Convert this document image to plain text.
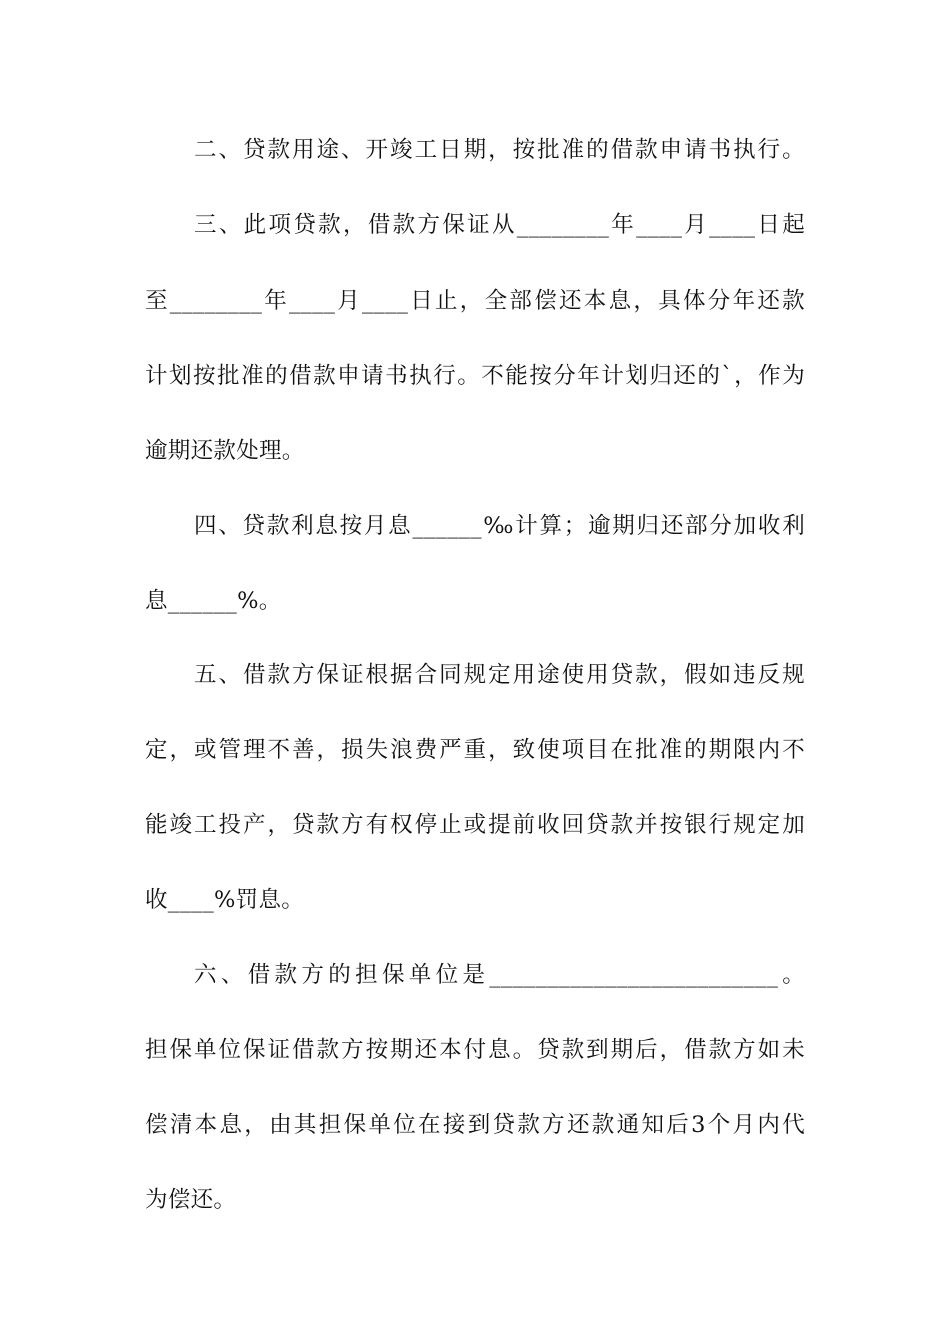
二、贷款用途、开竣工日期，按批准的借款申请书执行。
三、此项贷款，借款方保证从________年____月____日起
至________年____月____日止，全部偿还本息，具体分年还款
计划按批准的借款申请书执行。不能按分年计划归还的`，作为
逾期还款处理。
四、贷款利息按月息______‰计算；逾期归还部分加收利
息______%。
五、借款方保证根据合同规定用途使用贷款，假如违反规
定，或管理不善，损失浪费严重，致使项目在批准的期限内不
能竣工投产，贷款方有权停止或提前收回贷款并按银行规定加
收____%罚息。
六、借款方的担保单位是_________________________。
担保单位保证借款方按期还本付息。贷款到期后，借款方如未
偿清本息，由其担保单位在接到贷款方还款通知后3个月内代
为偿还。
